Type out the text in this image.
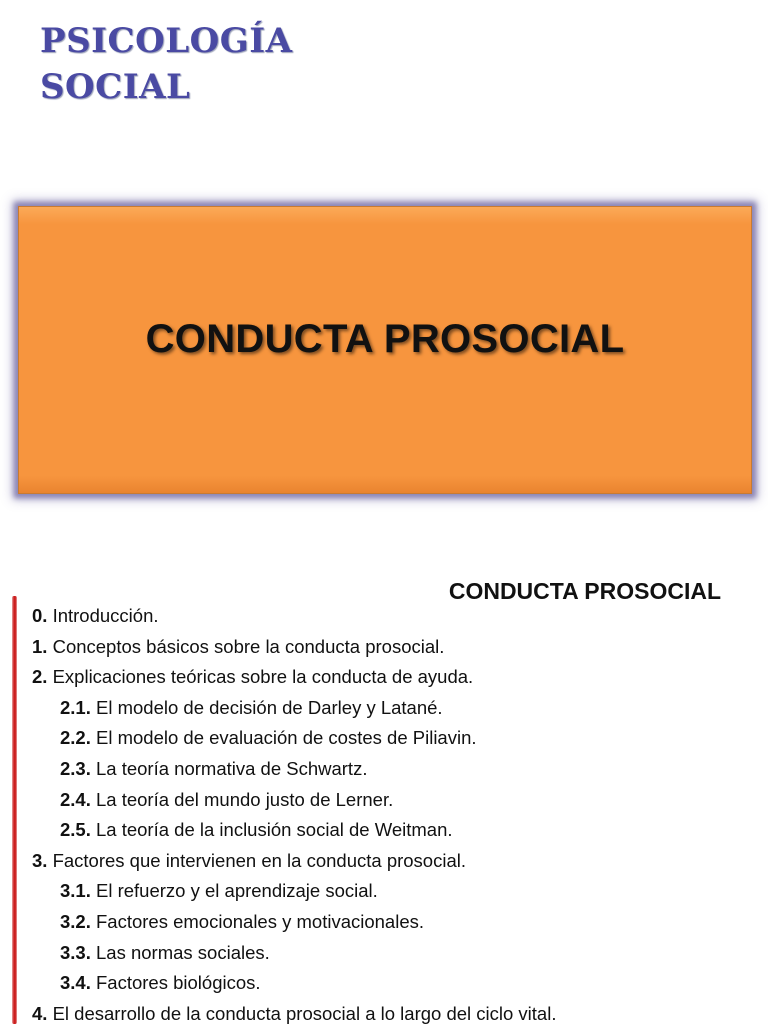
PSICOLOGÍA
SOCIAL
CONDUCTA PROSOCIAL
CONDUCTA PROSOCIAL
0. Introducción.
1. Conceptos básicos sobre la conducta prosocial.
2. Explicaciones teóricas sobre la conducta de ayuda.
2.1. El modelo de decisión de Darley y Latané.
2.2. El modelo de evaluación de costes de Piliavin.
2.3. La teoría normativa de Schwartz.
2.4. La teoría del mundo justo de Lerner.
2.5. La teoría de la inclusión social de Weitman.
3. Factores que intervienen en la conducta prosocial.
3.1. El refuerzo y el aprendizaje social.
3.2. Factores emocionales y motivacionales.
3.3. Las normas sociales.
3.4. Factores biológicos.
4. El desarrollo de la conducta prosocial a lo largo del ciclo vital.
